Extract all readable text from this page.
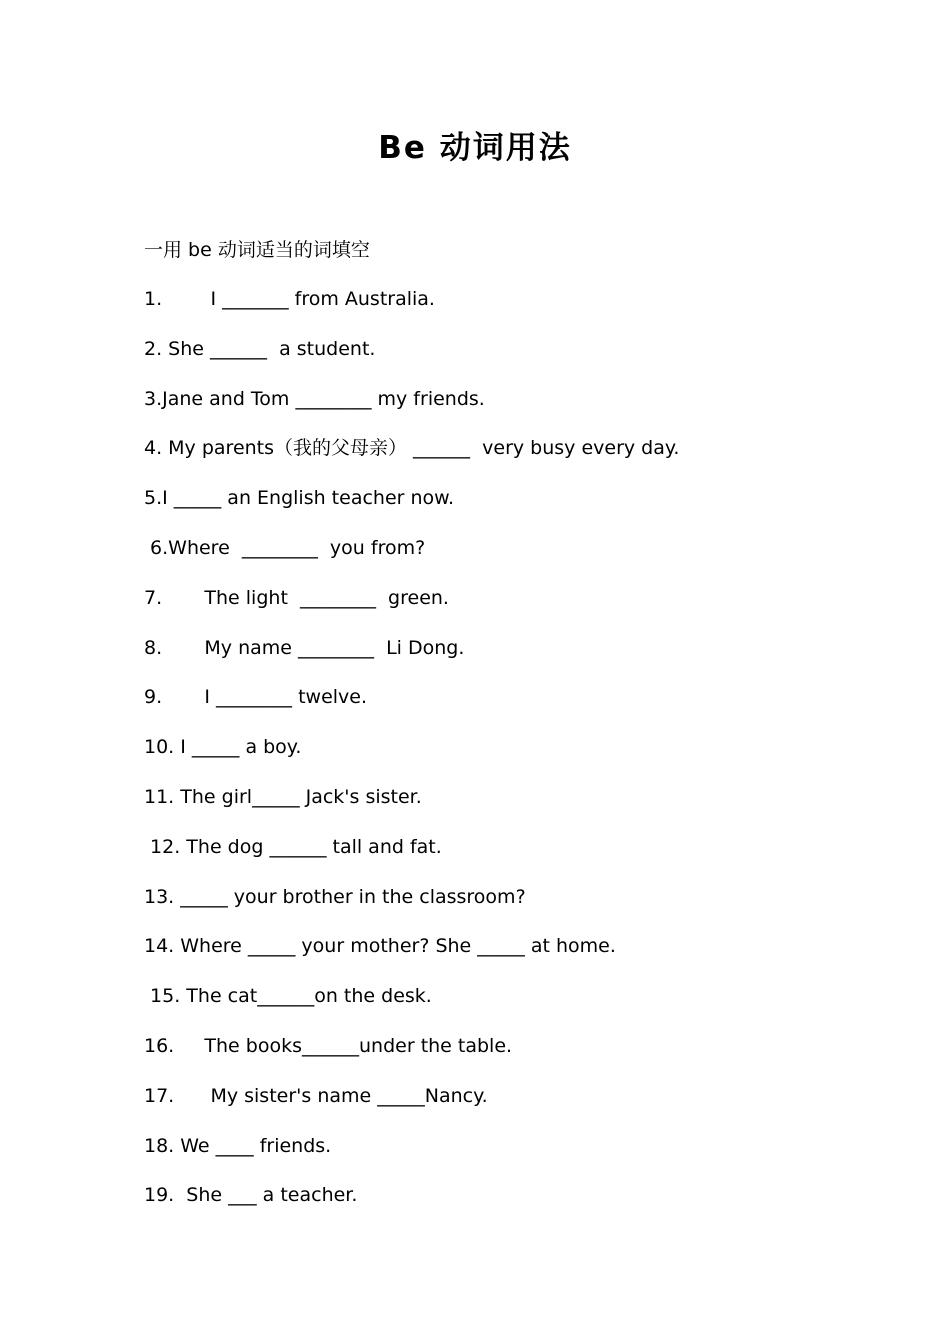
Be 动词用法
一用 be 动词适当的词填空
1.        I _______ from Australia.
2. She ______  a student.
3.Jane and Tom ________ my friends.
4. My parents（我的父母亲） ______  very busy every day.
5.I _____ an English teacher now.
6.Where  ________  you from?
7.       The light  ________  green.
8.       My name ________  Li Dong.
9.       I ________ twelve.
10. I _____ a boy.
11. The girl_____ Jack's sister.
12. The dog ______ tall and fat.
13. _____ your brother in the classroom?
14. Where _____ your mother? She _____ at home.
15. The cat______on the desk.
16.     The books______under the table.
17.      My sister's name _____Nancy.
18. We ____ friends.
19.  She ___ a teacher.
